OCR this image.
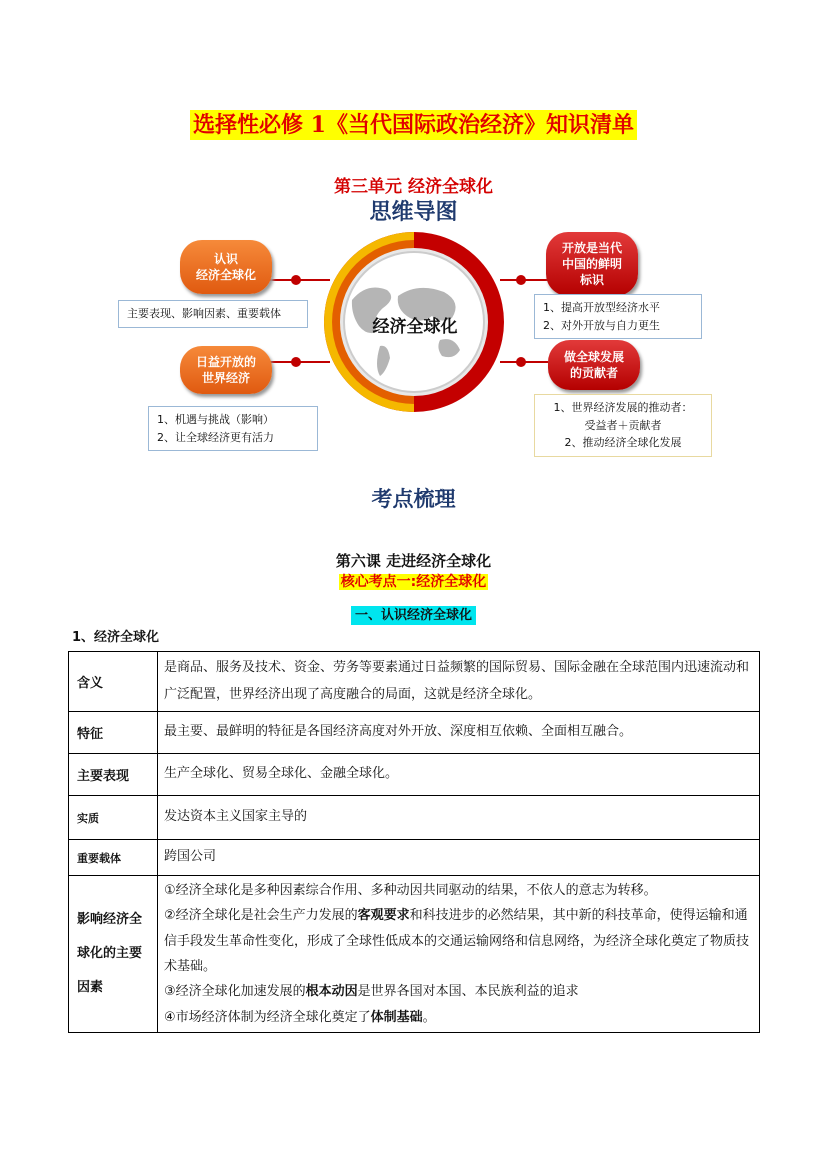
选择性必修 1《当代国际政治经济》知识清单
第三单元 经济全球化
思维导图
经济全球化
认识
经济全球化
主要表现、影响因素、重要载体
日益开放的
世界经济
1、机遇与挑战（影响）
2、让全球经济更有活力
开放是当代
中国的鲜明
标识
1、提高开放型经济水平
2、对外开放与自力更生
做全球发展
的贡献者
1、世界经济发展的推动者：
受益者＋贡献者
2、推动经济全球化发展
考点梳理
第六课 走进经济全球化
核心考点一:经济全球化
一、认识经济全球化
1、经济全球化
含义	是商品、服务及技术、资金、劳务等要素通过日益频繁的国际贸易、国际金融在全球范围内迅速流动和广泛配置，世界经济出现了高度融合的局面，这就是经济全球化。
特征	最主要、最鲜明的特征是各国经济高度对外开放、深度相互依赖、全面相互融合。
主要表现	生产全球化、贸易全球化、金融全球化。
实质	发达资本主义国家主导的
重要载体	跨国公司
影响经济全球化的主要因素	①经济全球化是多种因素综合作用、多种动因共同驱动的结果，不依人的意志为转移。
②经济全球化是社会生产力发展的客观要求和科技进步的必然结果，其中新的科技革命，使得运输和通信手段发生革命性变化，形成了全球性低成本的交通运输网络和信息网络，为经济全球化奠定了物质技术基础。
③经济全球化加速发展的根本动因是世界各国对本国、本民族利益的追求
④市场经济体制为经济全球化奠定了体制基础。
